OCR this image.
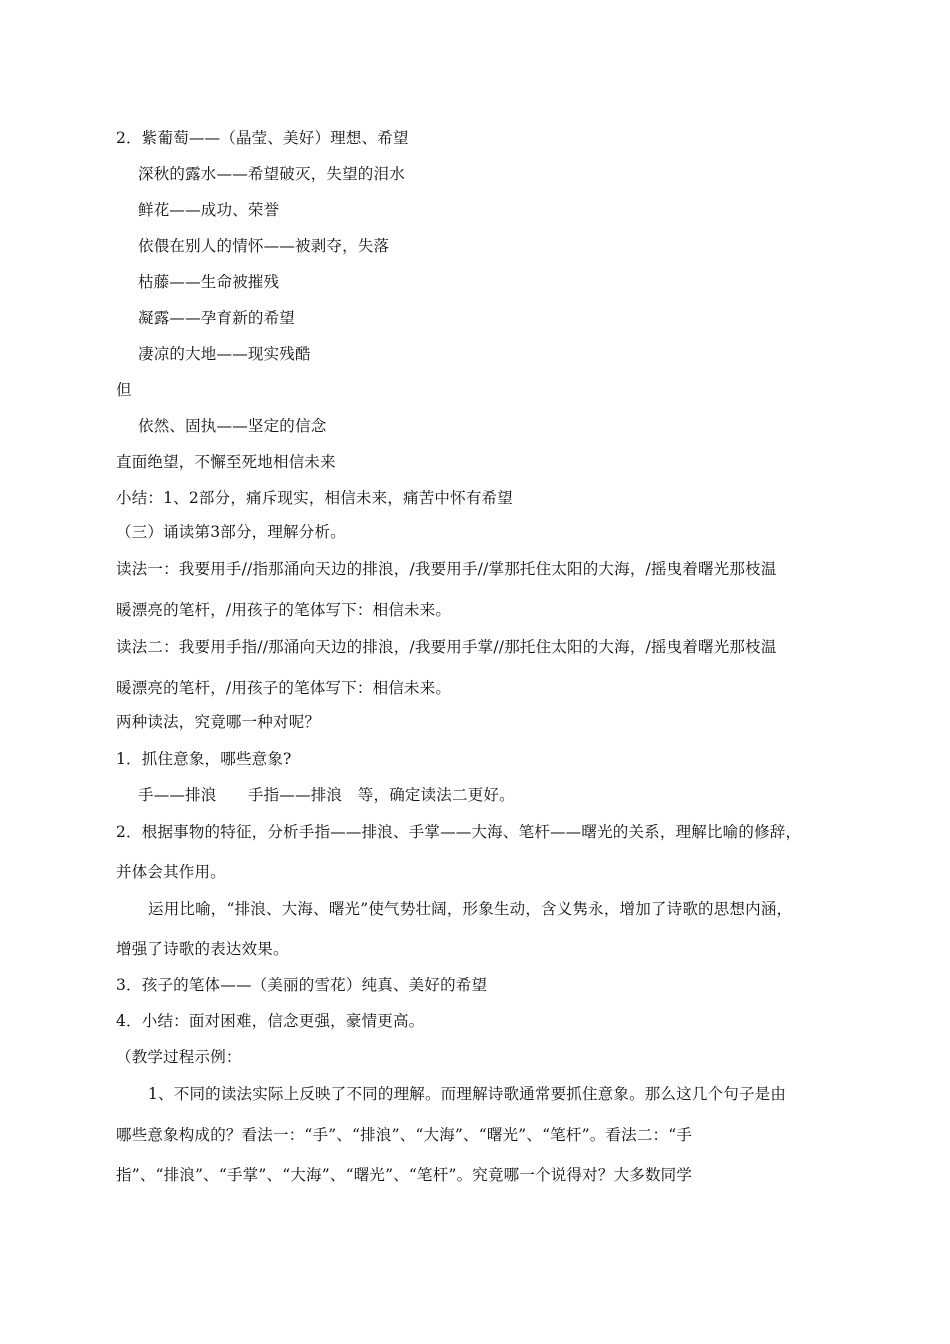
2．紫葡萄——（晶莹、美好）理想、希望
深秋的露水——希望破灭，失望的泪水
鲜花——成功、荣誉
依偎在别人的情怀——被剥夺，失落
枯藤——生命被摧残
凝露——孕育新的希望
凄凉的大地——现实残酷
但
依然、固执——坚定的信念
直面绝望，不懈至死地相信未来
小结：1、2部分，痛斥现实，相信未来，痛苦中怀有希望
（三）诵读第3部分，理解分析。
读法一：我要用手//指那涌向天边的排浪，/我要用手//掌那托住太阳的大海，/摇曳着曙光那枝温
暖漂亮的笔杆，/用孩子的笔体写下：相信未来。
读法二：我要用手指//那涌向天边的排浪，/我要用手掌//那托住太阳的大海，/摇曳着曙光那枝温
暖漂亮的笔杆，/用孩子的笔体写下：相信未来。
两种读法，究竟哪一种对呢？
1．抓住意象，哪些意象?
手——排浪　　手指——排浪　等，确定读法二更好。
2．根据事物的特征，分析手指——排浪、手掌——大海、笔杆——曙光的关系，理解比喻的修辞，
并体会其作用。
运用比喻，“排浪、大海、曙光”使气势壮阔，形象生动，含义隽永，增加了诗歌的思想内涵，
增强了诗歌的表达效果。
3．孩子的笔体——（美丽的雪花）纯真、美好的希望
4．小结：面对困难，信念更强，豪情更高。
（教学过程示例：
1、不同的读法实际上反映了不同的理解。而理解诗歌通常要抓住意象。那么这几个句子是由
哪些意象构成的？看法一：“手”、“排浪”、“大海”、“曙光”、“笔杆”。看法二：“手
指”、“排浪”、“手掌”、“大海”、“曙光”、“笔杆”。究竟哪一个说得对？大多数同学
